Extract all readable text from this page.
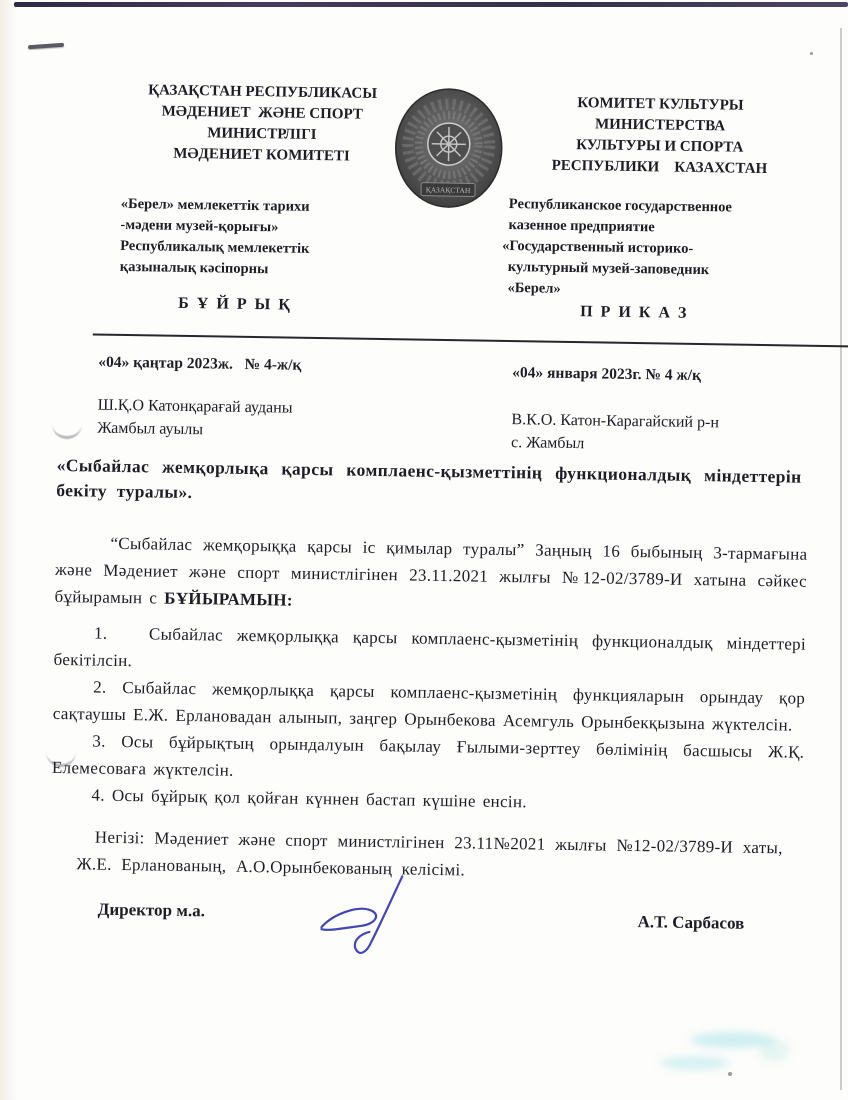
ҚАЗАҚСТАН РЕСПУБЛИКАСЫ
МӘДЕНИЕТ  ЖӘНЕ СПОРТ
МИНИСТРЛІГІ
МӘДЕНИЕТ КОМИТЕТІ
«Берел» мемлекеттік тарихи
-мәдени музей-қорығы»
Республикалық мемлекеттік
қазыналық кәсіпорны
ҚАЗАҚСТАН
КОМИТЕТ КУЛЬТУРЫ
МИНИСТЕРСТВА
КУЛЬТУРЫ И СПОРТА
РЕСПУБЛИКИ    КАЗАХСТАН
Республиканское государственное
казенное предприятие
«Государственный историко-
культурный музей-заповедник
«Берел»
Б Ұ Й Р Ы Қ	П Р И К А З
«04» қаңтар 2023ж.   № 4-ж/қ
«04» января 2023г. № 4 ж/қ
Ш.Қ.О Катонқарағай ауданы
Жамбыл ауылы	В.К.О. Катон-Карагайский р-н
с. Жамбыл
«Сыбайлас жемқорлықа қарсы комплаенс-қызметтінің функционалдық міндеттерін бекіту туралы».
“Сыбайлас жемқорыққа қарсы іс қимылар туралы” Заңның 16 быбының 3-тармағына және Мәдениет және спорт министлігінен 23.11.2021 жылғы №12-02/3789-И хатына сәйкес бұйырамын с БҰЙЫРАМЫН:

1.   Сыбайлас жемқорлыққа қарсы комплаенс-қызметінің функционалдық міндеттері бекітілсін.

2. Сыбайлас жемқорлыққа қарсы комплаенс-қызметінің функцияларын орындау қор сақтаушы Е.Ж. Ерлановадан алынып, заңгер Орынбекова Асемгуль Орынбекқызына жүктелсін.

3. Осы бұйрықтың орындалуын бақылау Ғылыми-зерттеу бөлімінің басшысы Ж.Қ. Елемесоваға жүктелсін.

4. Осы бұйрық қол қойған күннен бастап күшіне енсін.

Негізі: Мәдениет және спорт министлігінен 23.11№2021 жылғы №12-02/3789-И хаты, Ж.Е. Ерланованың, А.О.Орынбекованың келісімі.
Директор м.а.
А.Т. Сарбасов
